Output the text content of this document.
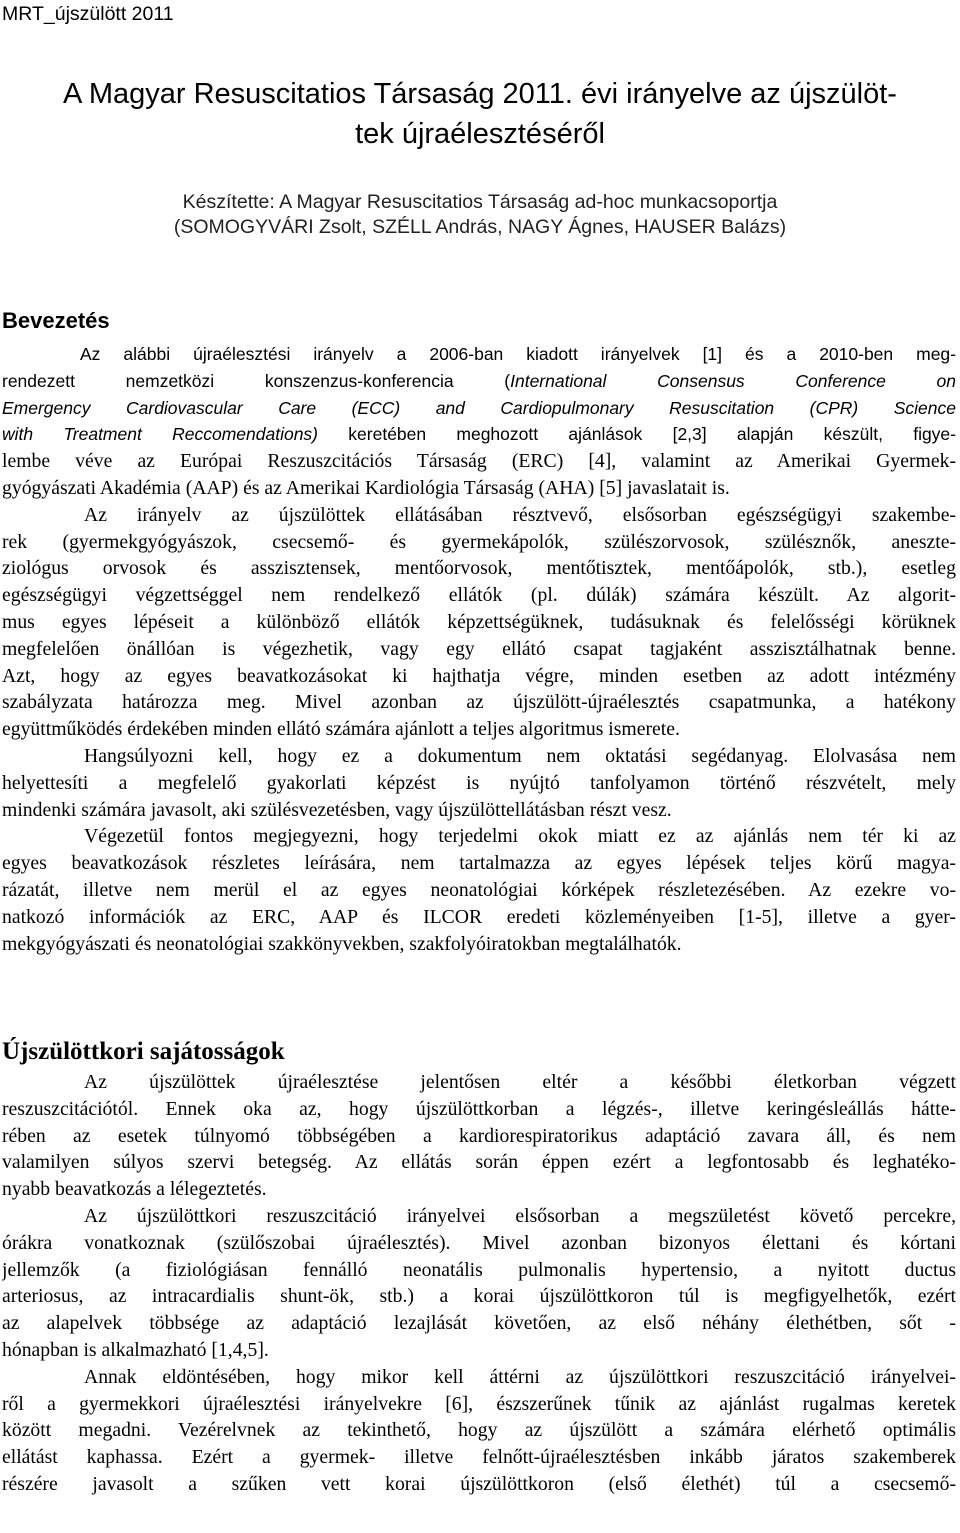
MRT_újszülött 2011
A Magyar Resuscitatios Társaság 2011. évi irányelve az újszülöt-
tek újraélesztéséről
Készítette: A Magyar Resuscitatios Társaság ad-hoc munkacsoportja
(SOMOGYVÁRI Zsolt, SZÉLL András, NAGY Ágnes, HAUSER Balázs)
Bevezetés
Az alábbi újraélesztési irányelv a 2006-ban kiadott irányelvek [1] és a 2010-ben meg-
rendezett nemzetközi konszenzus-konferencia (International Consensus Conference on
Emergency Cardiovascular Care (ECC) and Cardiopulmonary Resuscitation (CPR) Science
with Treatment Reccomendations) keretében meghozott ajánlások [2,3] alapján készült, figye-
lembe véve az Európai Reszuszcitációs Társaság (ERC) [4], valamint az Amerikai Gyermek-
gyógyászati Akadémia (AAP) és az Amerikai Kardiológia Társaság (AHA) [5] javaslatait is.
Az irányelv az újszülöttek ellátásában résztvevő, elsősorban egészségügyi szakembe-
rek (gyermekgyógyászok, csecsemő- és gyermekápolók, szülészorvosok, szülésznők, aneszte-
ziológus orvosok és asszisztensek, mentőorvosok, mentőtisztek, mentőápolók, stb.), esetleg
egészségügyi végzettséggel nem rendelkező ellátók (pl. dúlák) számára készült. Az algorit-
mus egyes lépéseit a különböző ellátók képzettségüknek, tudásuknak és felelősségi körüknek
megfelelően önállóan is végezhetik, vagy egy ellátó csapat tagjaként asszisztálhatnak benne.
Azt, hogy az egyes beavatkozásokat ki hajthatja végre, minden esetben az adott intézmény
szabályzata határozza meg. Mivel azonban az újszülött-újraélesztés csapatmunka, a hatékony
együttműködés érdekében minden ellátó számára ajánlott a teljes algoritmus ismerete.
Hangsúlyozni kell, hogy ez a dokumentum nem oktatási segédanyag. Elolvasása nem
helyettesíti a megfelelő gyakorlati képzést is nyújtó tanfolyamon történő részvételt, mely
mindenki számára javasolt, aki szülésvezetésben, vagy újszülöttellátásban részt vesz.
Végezetül fontos megjegyezni, hogy terjedelmi okok miatt ez az ajánlás nem tér ki az
egyes beavatkozások részletes leírására, nem tartalmazza az egyes lépések teljes körű magya-
rázatát, illetve nem merül el az egyes neonatológiai kórképek részletezésében. Az ezekre vo-
natkozó információk az ERC, AAP és ILCOR eredeti közleményeiben [1-5], illetve a gyer-
mekgyógyászati és neonatológiai szakkönyvekben, szakfolyóiratokban megtalálhatók.
Újszülöttkori sajátosságok
Az újszülöttek újraélesztése jelentősen eltér a későbbi életkorban végzett
reszuszcitációtól. Ennek oka az, hogy újszülöttkorban a légzés-, illetve keringésleállás hátte-
rében az esetek túlnyomó többségében a kardiorespiratorikus adaptáció zavara áll, és nem
valamilyen súlyos szervi betegség. Az ellátás során éppen ezért a legfontosabb és leghatéko-
nyabb beavatkozás a lélegeztetés.
Az újszülöttkori reszuszcitáció irányelvei elsősorban a megszületést követő percekre,
órákra vonatkoznak (szülőszobai újraélesztés). Mivel azonban bizonyos élettani és kórtani
jellemzők (a fiziológiásan fennálló neonatális pulmonalis hypertensio, a nyitott ductus
arteriosus, az intracardialis shunt-ök, stb.) a korai újszülöttkoron túl is megfigyelhetők, ezért
az alapelvek többsége az adaptáció lezajlását követően, az első néhány élethétben, sőt -
hónapban is alkalmazható [1,4,5].
Annak eldöntésében, hogy mikor kell áttérni az újszülöttkori reszuszcitáció irányelvei-
ről a gyermekkori újraélesztési irányelvekre [6], észszerűnek tűnik az ajánlást rugalmas keretek
között megadni. Vezérelvnek az tekinthető, hogy az újszülött a számára elérhető optimális
ellátást kaphassa. Ezért a gyermek- illetve felnőtt-újraélesztésben inkább járatos szakemberek
részére javasolt a szűken vett korai újszülöttkoron (első élethét) túl a csecsemő-
